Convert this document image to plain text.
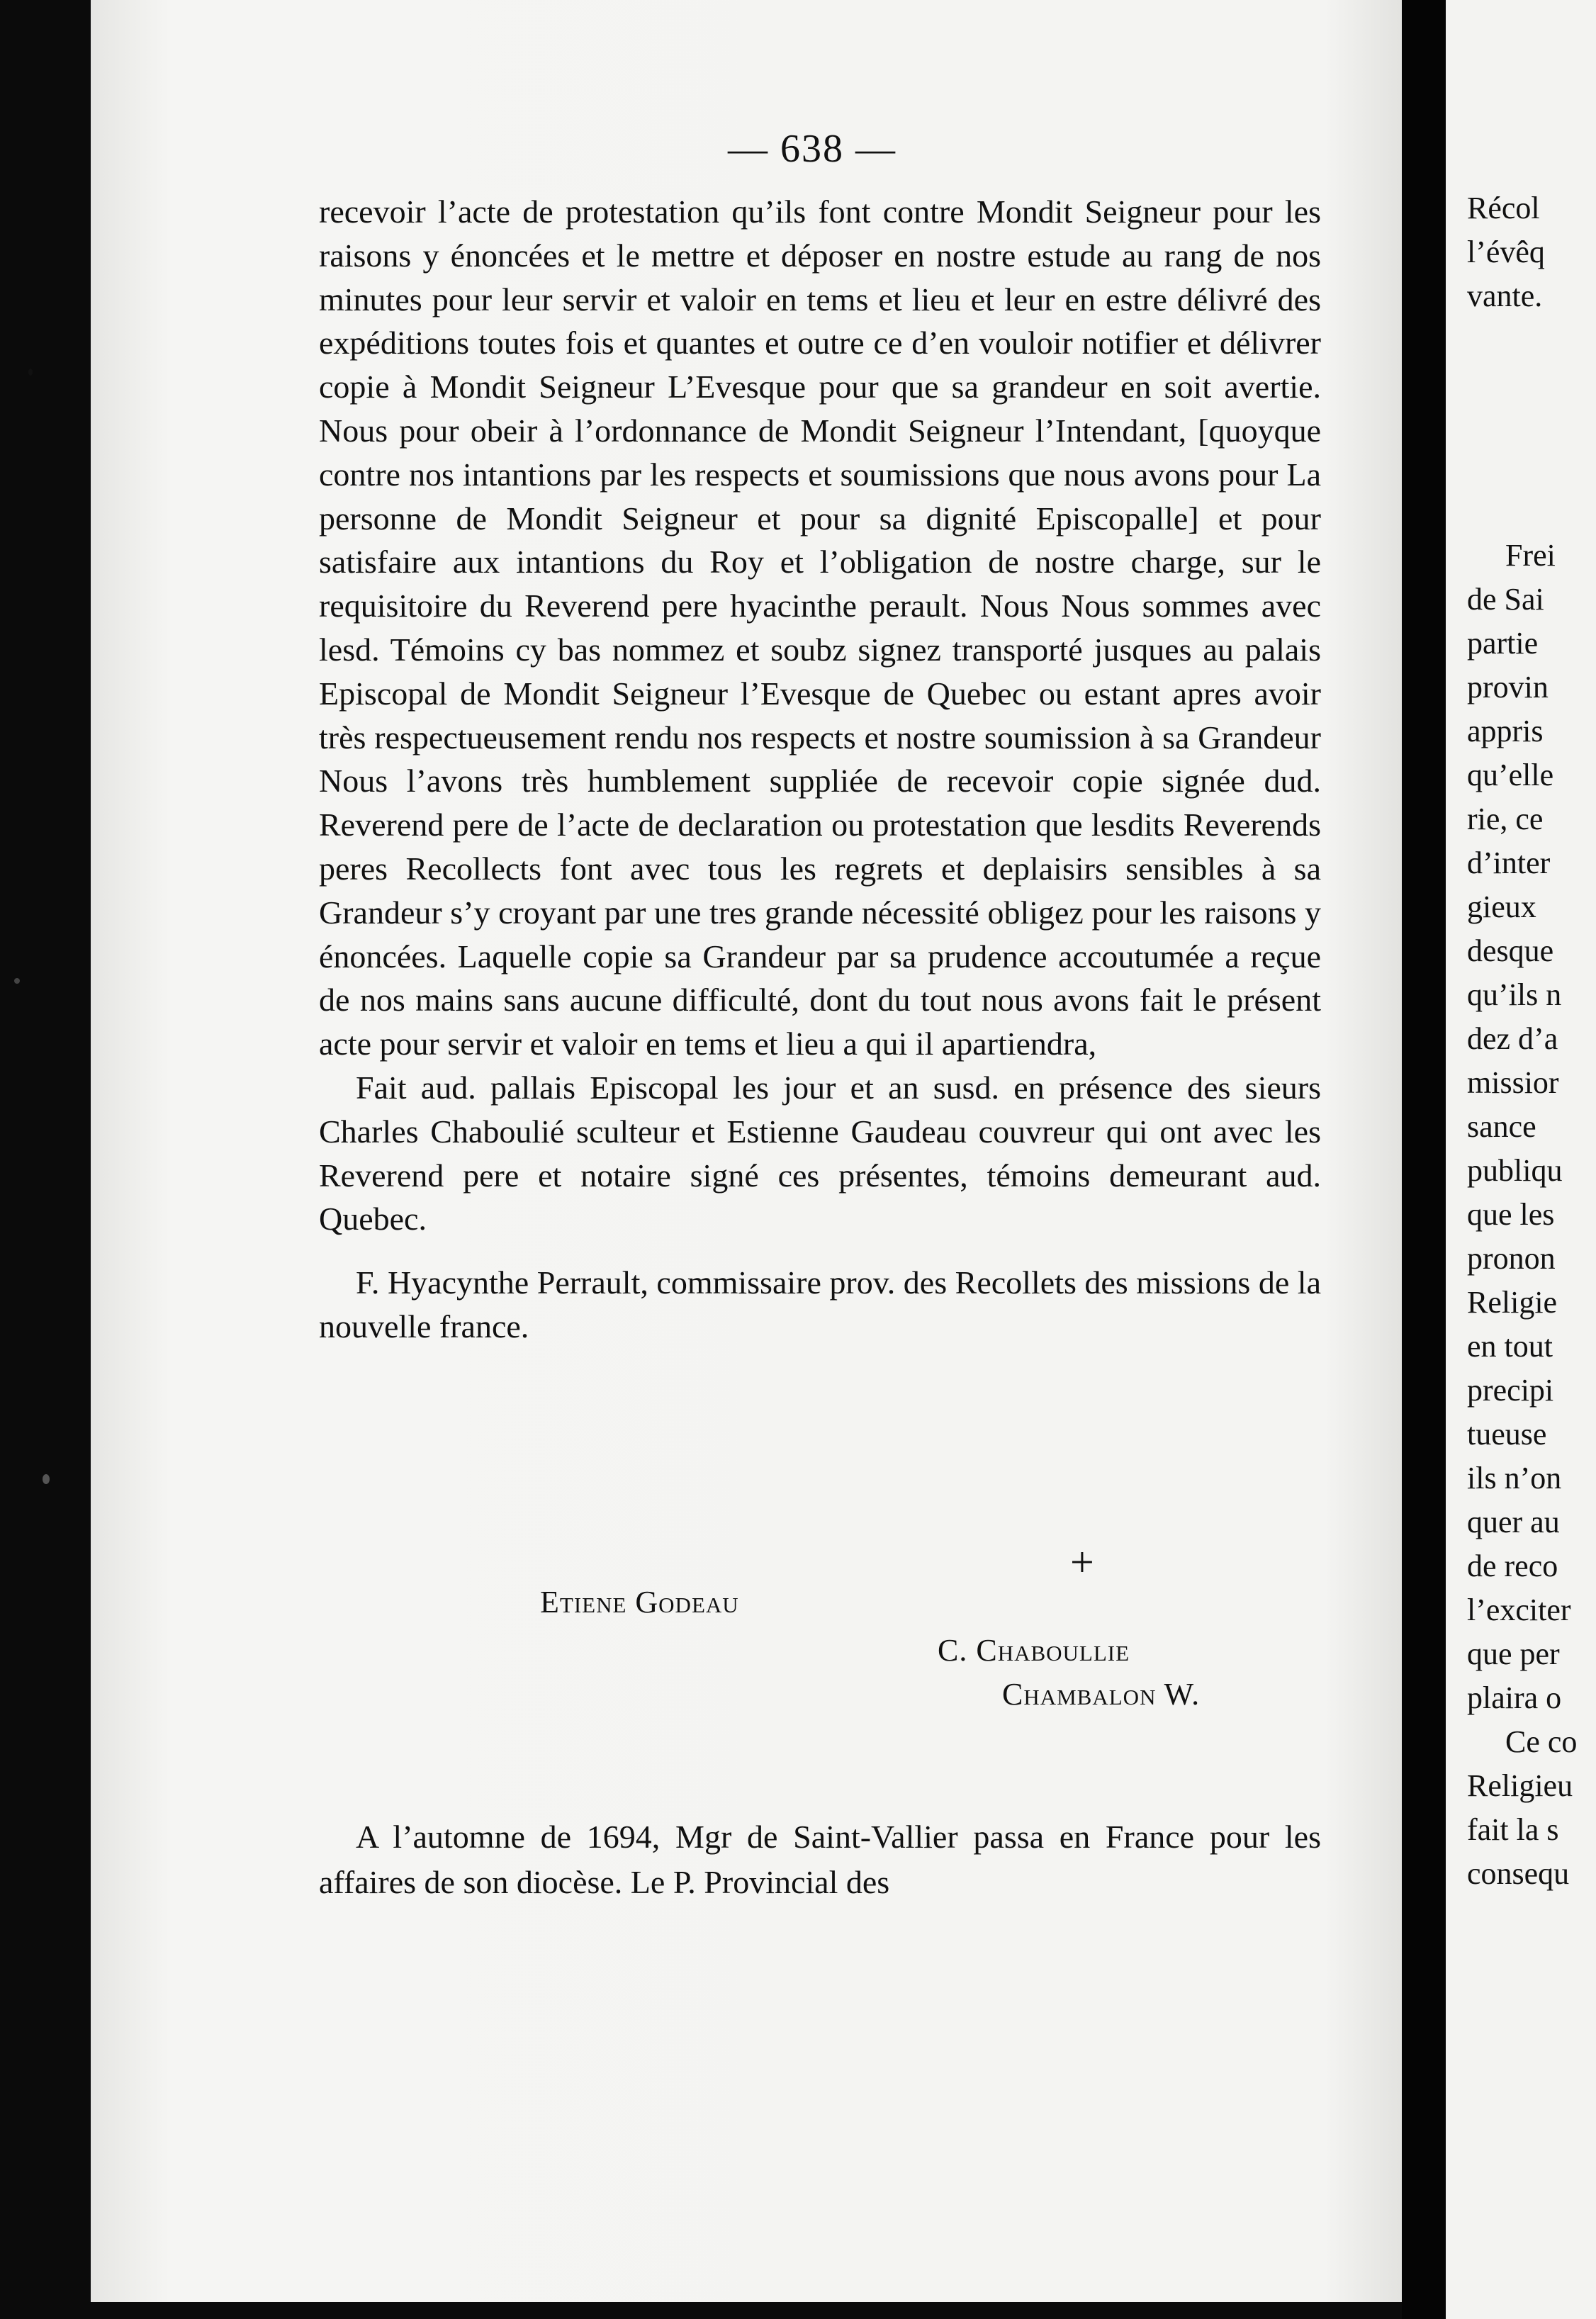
Récol
l’évêq
vante.
Frei
de Sai
partie
provin
appris
qu’elle
rie, ce
d’inter
gieux
desque
qu’ils n
dez d’a
missior
sance
publiqu
que les
pronon
Religie
en tout
precipi
tueuse
ils n’on
quer au
de reco
l’exciter
que per
plaira o
Ce co
Religieu
fait la s
consequ
— 638 —

recevoir l’acte de protestation qu’ils font contre Mondit Seigneur pour les raisons y énoncées et le mettre et déposer en nostre estude au rang de nos minutes pour leur servir et valoir en tems et lieu et leur en estre délivré des expéditions toutes fois et quantes et outre ce d’en vouloir notifier et délivrer copie à Mondit Seigneur L’Evesque pour que sa grandeur en soit avertie. Nous pour obeir à l’ordonnance de Mondit Seigneur l’Intendant, [quoyque contre nos intantions par les respects et soumissions que nous avons pour La personne de Mondit Seigneur et pour sa dignité Episcopalle] et pour satisfaire aux intantions du Roy et l’obligation de nostre charge, sur le requisitoire du Reverend pere hyacinthe perault. Nous Nous sommes avec lesd. Témoins cy bas nommez et soubz signez transporté jusques au palais Episcopal de Mondit Seigneur l’Evesque de Quebec ou estant apres avoir très respectueusement rendu nos respects et nostre soumission à sa Grandeur Nous l’avons très humblement suppliée de recevoir copie signée dud. Reverend pere de l’acte de declaration ou protestation que lesdits Reverends peres Recollects font avec tous les regrets et deplaisirs sensibles à sa Grandeur s’y croyant par une tres grande nécessité obligez pour les raisons y énoncées. Laquelle copie sa Grandeur par sa prudence accoutumée a reçue de nos mains sans aucune difficulté, dont du tout nous avons fait le présent acte pour servir et valoir en tems et lieu a qui il apartiendra,

Fait aud. pallais Episcopal les jour et an susd. en présence des sieurs Charles Chaboulié sculteur et Estienne Gaudeau couvreur qui ont avec les Reverend pere et notaire signé ces présentes, témoins demeurant aud. Quebec.

F. Hyacynthe Perrault, commissaire prov. des Recollets des missions de la nouvelle france.

+
Etiene Godeau
C. Chaboullie
Chambalon W.
A l’automne de 1694, Mgr de Saint-Vallier passa en France pour les affaires de son diocèse. Le P. Provincial des
